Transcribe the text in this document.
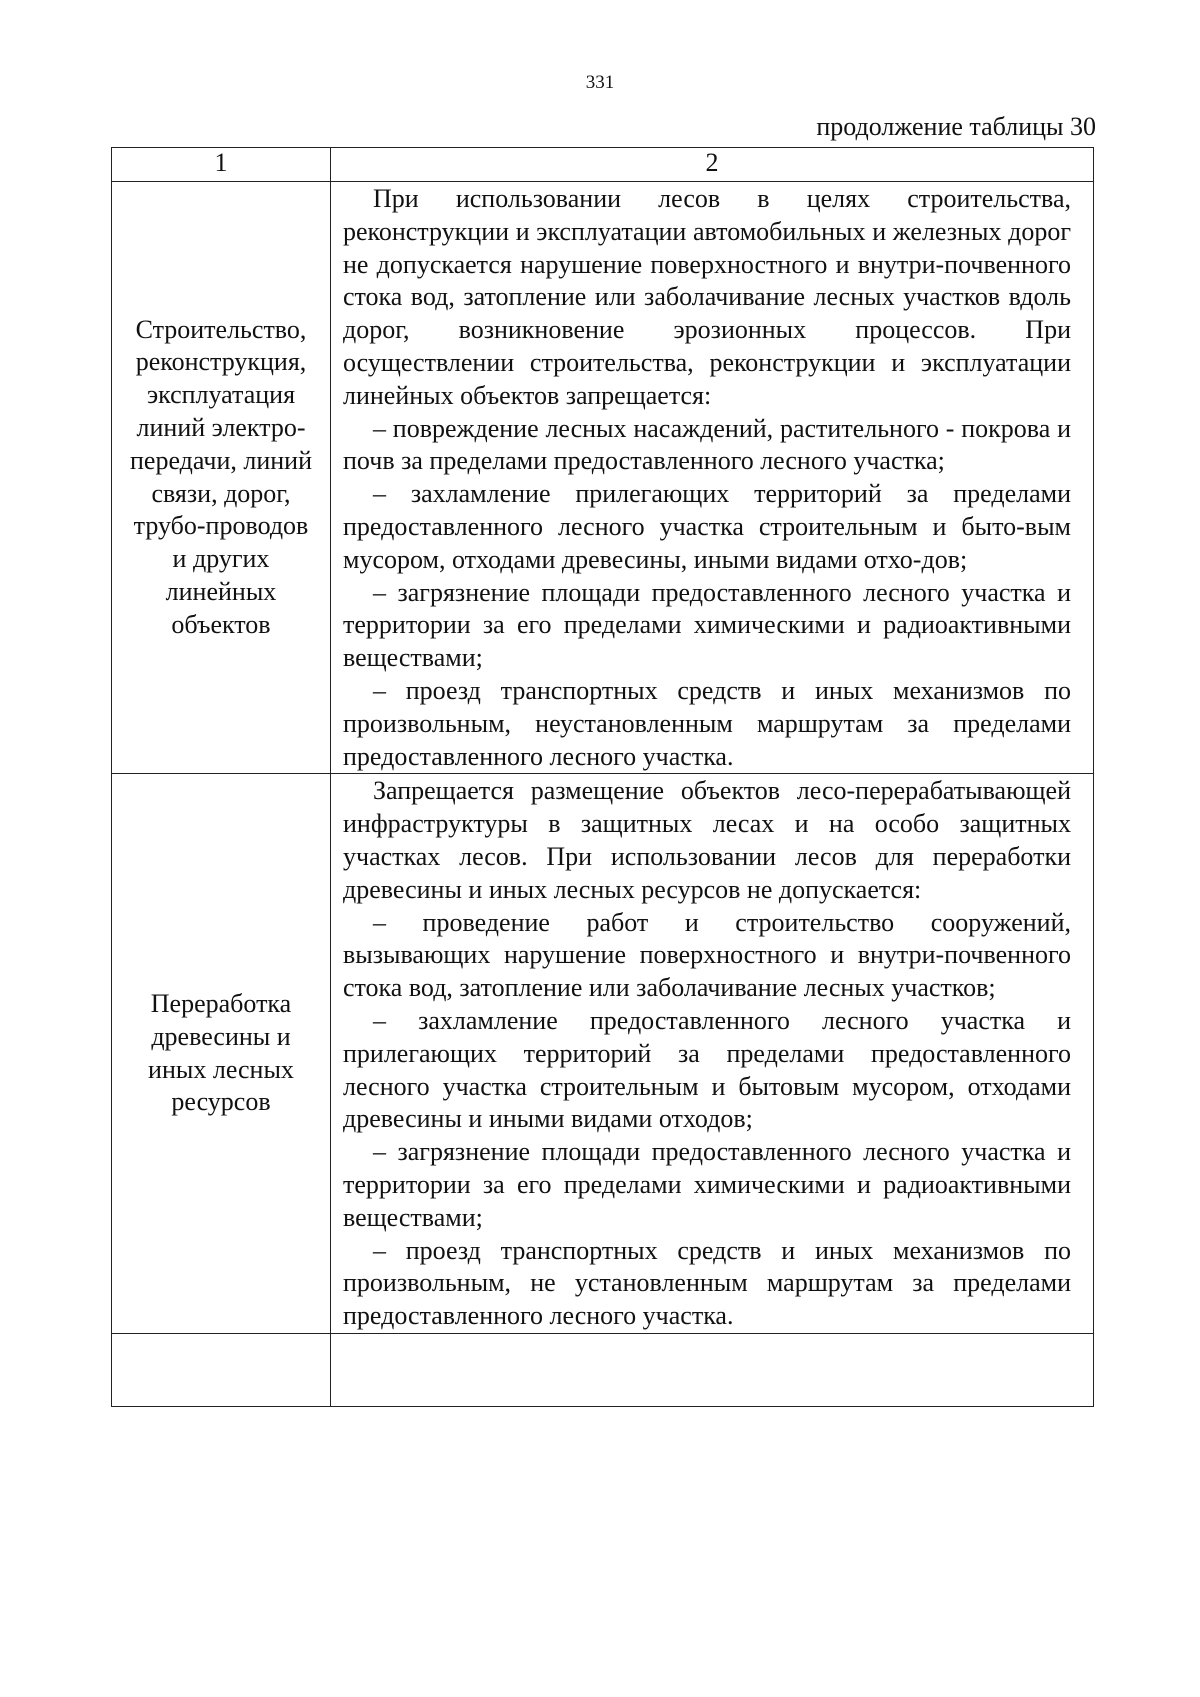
331
продолжение таблицы 30
1	2

Строительство, реконструкция, эксплуатация линий электро-передачи, линий связи, дорог, трубо-проводов и других линейных объектов	При использовании лесов в целях строительства, реконструкции и эксплуатации автомобильных и железных дорог не допускается нарушение поверхностного и внутри-почвенного стока вод, затопление или заболачивание лесных участков вдоль дорог, возникновение эрозионных процессов. При осуществлении строительства, реконструкции и эксплуатации линейных объектов запрещается:

– повреждение лесных насаждений, растительного - покрова и почв за пределами предоставленного лесного участка;

– захламление прилегающих территорий за пределами предоставленного лесного участка строительным и быто-вым мусором, отходами древесины, иными видами отхо-дов;

– загрязнение площади предоставленного лесного участка и территории за его пределами химическими и радиоактивными веществами;

– проезд транспортных средств и иных механизмов по произвольным, неустановленным маршрутам за пределами предоставленного лесного участка.

Переработка древесины и иных лесных ресурсов	Запрещается размещение объектов лесо-перерабатывающей инфраструктуры в защитных лесах и на особо защитных участках лесов. При использовании лесов для переработки древесины и иных лесных ресурсов не допускается:

– проведение работ и строительство сооружений, вызывающих нарушение поверхностного и внутри-почвенного стока вод, затопление или заболачивание лесных участков;

– захламление предоставленного лесного участка и прилегающих территорий за пределами предоставленного лесного участка строительным и бытовым мусором, отходами древесины и иными видами отходов;

– загрязнение площади предоставленного лесного участка и территории за его пределами химическими и радиоактивными веществами;

– проезд транспортных средств и иных механизмов по произвольным, не установленным маршрутам за пределами предоставленного лесного участка.
